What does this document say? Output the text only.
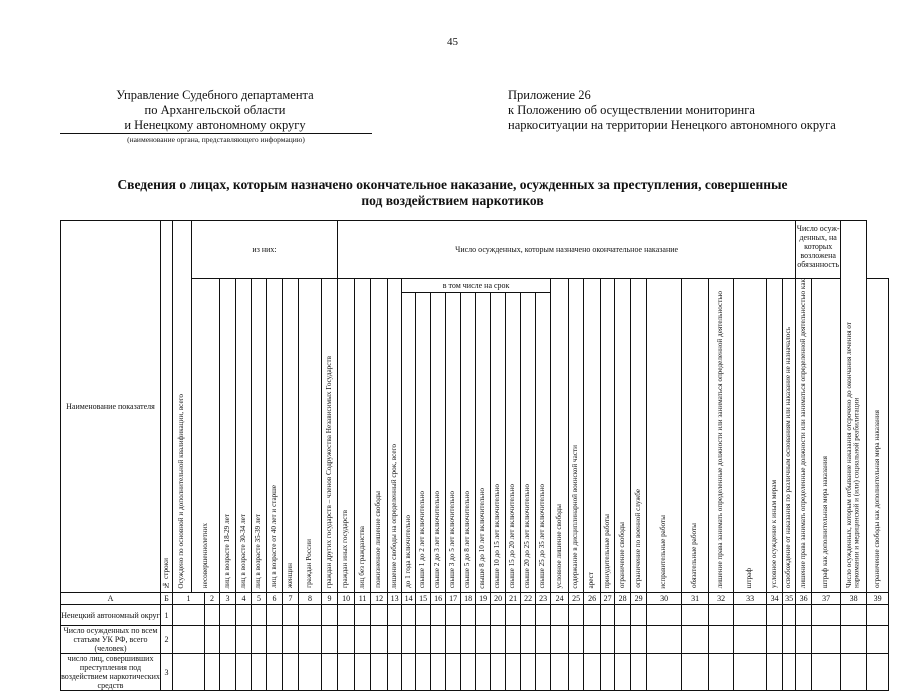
45
Управление Судебного департамента
по Архангельской области
и Ненецкому автономному округу
(наименование органа, представляющего информацию)
Приложение 26
к Положению об осуществлении мониторинга
наркоситуации на территории Ненецкого автономного округа
Сведения о лицах, которым назначено окончательное наказание, осужденных за преступления, совершенные
под воздействием наркотиков
Наименование показателя	№ строки	Осуждено по основной и дополнительной квалификации, всего	из них:									Число осужденных, которым назначено окончательное наказание																										Число осуж-денных, на которых возложена обязанность		Число осужденных, которым отбывание наказания отсрочено до окончания лечения от наркомании и медицинской и (или) социальной реабилитации		
			несовершеннолетних		лиц в возрасте 18-29 лет	лиц в возрасте 30-34 лет	лиц в возрасте 35-39 лет	лиц в возрасте от 40 лет и старше	женщин	граждан России	граждан других государств – членов Содружества Независимых Государств	граждан иных государств	лиц без гражданства	пожизненное лишение свободы	лишение свободы на определенный срок, всего	в том числе на срок										условное лишение свободы	содержание в дисциплинарной воинской части	арест	принудительные работы	ограничение свободы	ограничение по военной службе	исправительные работы	обязательные работы	лишение права занимать определенные должности или заниматься определенной деятельностью	штраф	условное осуждение к иным мерам	освобождение от наказания по различным основаниям или наказание не назначалось	лишение права занимать определенные должности или заниматься определенной деятельностью как	штраф как дополнительная мера наказания		ограничение свободы как дополнительная мера наказания		
																до 1 года включительно	свыше 1 до 2 лет включительно	свыше 2 до 3 лет включительно	свыше 3 до 5 лет включительно	свыше 5 до 8 лет включительно	свыше 8 до 10 лет включительно	свыше 10 до 15 лет включительно	свыше 15 до 20 лет включительно	свыше 20 до 25 лет включительно	свыше 25 до 35 лет включительно																	
А	Б	1		2	3	4	5	6	7	8	9	10	11	12	13	14	15	16	17	18	19	20	21	22	23	24	25	26	27	28	29	30	31	32	33	34	35	36	37	38	39		
Ненецкий автономный округ	1																																									
Число осужденных по всем статьям УК РФ, всего (человек)	2																																									
число лиц, совершивших преступления под воздействием наркотических средств	3																																									
